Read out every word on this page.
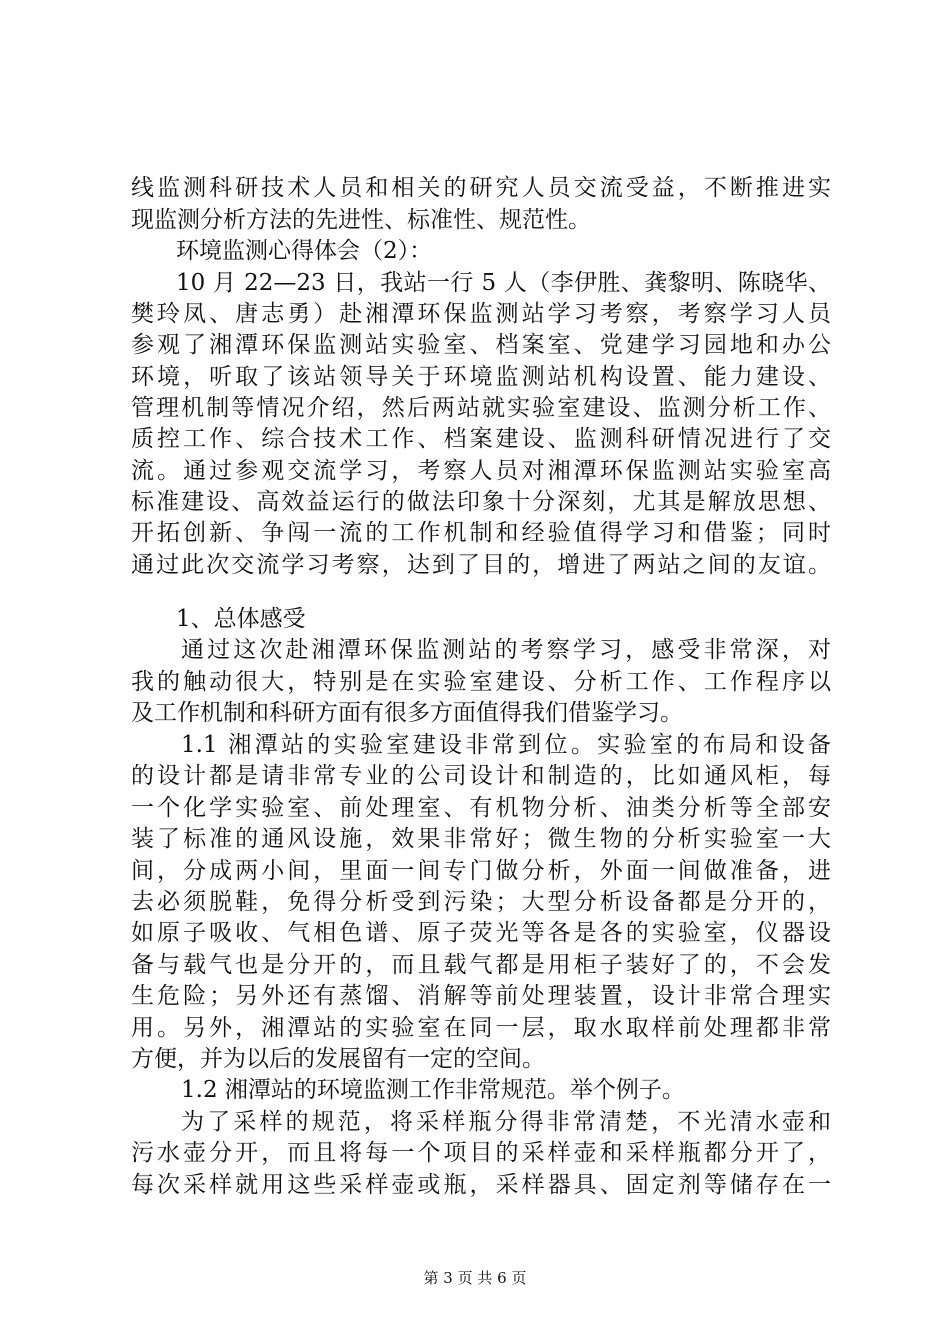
线监测科研技术人员和相关的研究人员交流受益，不断推进实
现监测分析方法的先进性、标准性、规范性。
环境监测心得体会（2）：
10 月 22—23 日，我站一行 5 人（李伊胜、龚黎明、陈晓华、
樊玲凤、唐志勇）赴湘潭环保监测站学习考察，考察学习人员
参观了湘潭环保监测站实验室、档案室、党建学习园地和办公
环境，听取了该站领导关于环境监测站机构设置、能力建设、
管理机制等情况介绍，然后两站就实验室建设、监测分析工作、
质控工作、综合技术工作、档案建设、监测科研情况进行了交
流。通过参观交流学习，考察人员对湘潭环保监测站实验室高
标准建设、高效益运行的做法印象十分深刻，尤其是解放思想、
开拓创新、争闯一流的工作机制和经验值得学习和借鉴；同时
通过此次交流学习考察，达到了目的，增进了两站之间的友谊。
1、总体感受
通过这次赴湘潭环保监测站的考察学习，感受非常深，对
我的触动很大，特别是在实验室建设、分析工作、工作程序以
及工作机制和科研方面有很多方面值得我们借鉴学习。
1.1 湘潭站的实验室建设非常到位。实验室的布局和设备
的设计都是请非常专业的公司设计和制造的，比如通风柜，每
一个化学实验室、前处理室、有机物分析、油类分析等全部安
装了标准的通风设施，效果非常好；微生物的分析实验室一大
间，分成两小间，里面一间专门做分析，外面一间做准备，进
去必须脱鞋，免得分析受到污染；大型分析设备都是分开的，
如原子吸收、气相色谱、原子荧光等各是各的实验室，仪器设
备与载气也是分开的，而且载气都是用柜子装好了的，不会发
生危险；另外还有蒸馏、消解等前处理装置，设计非常合理实
用。另外，湘潭站的实验室在同一层，取水取样前处理都非常
方便，并为以后的发展留有一定的空间。
1.2 湘潭站的环境监测工作非常规范。举个例子。
为了采样的规范，将采样瓶分得非常清楚，不光清水壶和
污水壶分开，而且将每一个项目的采样壶和采样瓶都分开了，
每次采样就用这些采样壶或瓶，采样器具、固定剂等储存在一
第 3 页 共 6 页
